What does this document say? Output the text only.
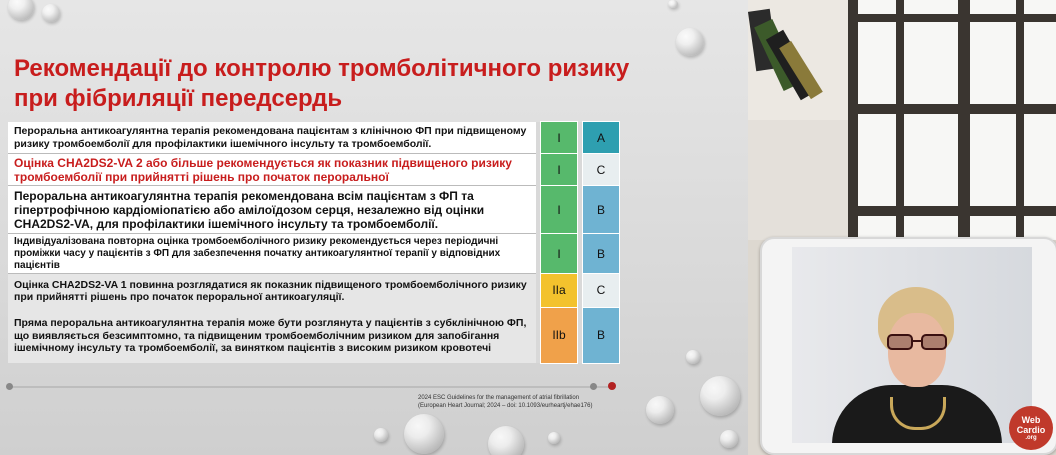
Рекомендації до контролю тромболітичного ризику при фібриляції передсердь
Пероральна антикоагулянтна терапія рекомендована пацієнтам з клінічною ФП при підвищеному ризику тромбоемболії для профілактики ішемічного інсульту та тромбоемболії.		I		A
Оцінка CHA2DS2-VA 2 або більше рекомендується як показник підвищеного ризику тромбоемболії при прийнятті рішень про початок пероральної		I		C
Пероральна антикоагулянтна терапія рекомендована всім пацієнтам з ФП та гіпертрофічною кардіоміопатією або амілоїдозом серця, незалежно від оцінки CHA2DS2-VA, для профілактики ішемічного інсульту та тромбоемболії.		I		B
Індивідуалізована повторна оцінка тромбоемболічного ризику рекомендується через періодичні проміжки часу у пацієнтів з ФП для забезпечення початку антикоагулянтної терапії у відповідних пацієнтів		I		B
Оцінка CHA2DS2-VA 1 повинна розглядатися як показник підвищеного тромбоемболічного ризику при прийнятті рішень про початок пероральної антикоагуляції.		IIa		C
Пряма пероральна антикоагулянтна терапія може бути розглянута у пацієнтів з субклінічною ФП, що виявляється безсимптомно, та підвищеним тромбоемболічним ризиком для запобігання ішемічному інсульту та тромбоемболії, за винятком пацієнтів з високим ризиком кровотечі		IIb		B
2024 ESC Guidelines for the management of atrial fibrillation
(European Heart Journal; 2024 – doi: 10.1093/eurheartj/ehae176)
Web
Cardio
.org
